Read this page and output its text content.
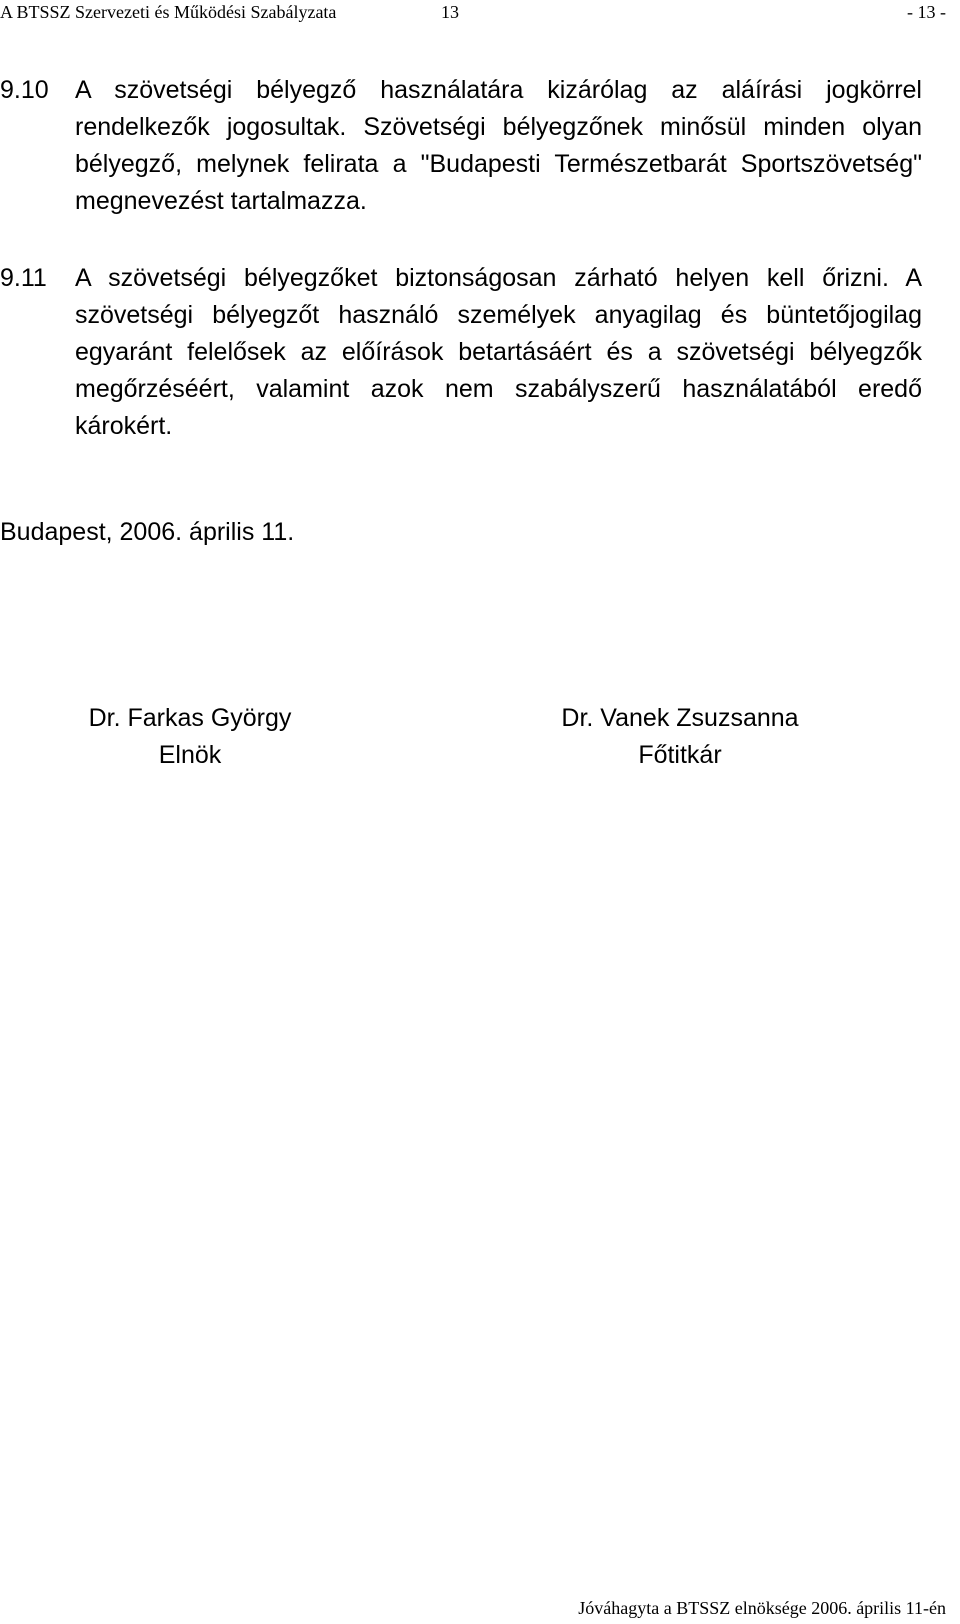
A BTSSZ Szervezeti és Működési Szabályzata	13	- 13 -
9.10 A szövetségi bélyegző használatára kizárólag az aláírási jogkörrel rendelkezők jogosultak. Szövetségi bélyegzőnek minősül minden olyan bélyegző, melynek felirata a "Budapesti Természetbarát Sportszövetség" megnevezést tartalmazza.
9.11 A szövetségi bélyegzőket biztonságosan zárható helyen kell őrizni. A szövetségi bélyegzőt használó személyek anyagilag és büntetőjogilag egyaránt felelősek az előírások betartásáért és a szövetségi bélyegzők megőrzéséért, valamint azok nem szabályszerű használatából eredő károkért.
Budapest, 2006. április 11.
Dr. Farkas György
Elnök
Dr. Vanek Zsuzsanna
Főtitkár
Jóváhagyta a BTSSZ elnöksége 2006. április 11-én
